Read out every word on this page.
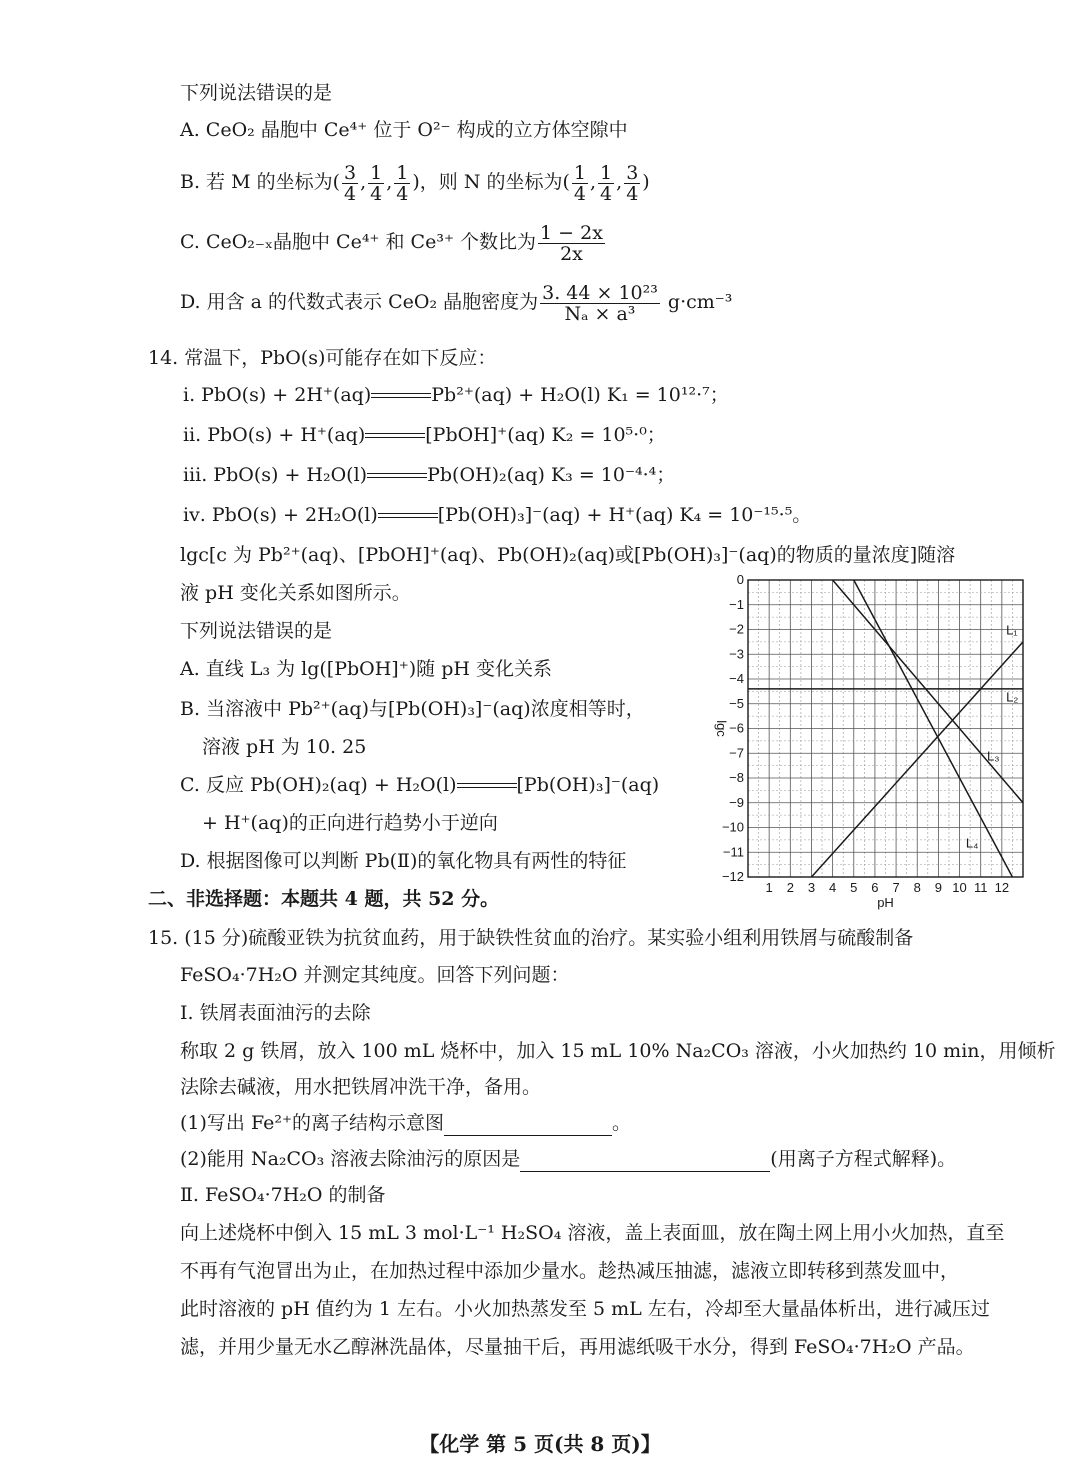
下列说法错误的是
A. CeO₂ 晶胞中 Ce⁴⁺ 位于 O²⁻ 构成的立方体空隙中
B. 若 M 的坐标为( $\frac{3}{4}$ , $\frac{1}{4}$ , $\frac{1}{4}$ )，则 N 的坐标为( $\frac{1}{4}$ , $\frac{1}{4}$ , $\frac{3}{4}$ )
C. CeO₂₋ₓ晶胞中 Ce⁴⁺ 和 Ce³⁺ 个数比为 $\frac{1 - 2x}{2x}$
D. 用含 a 的代数式表示 CeO₂ 晶胞密度为 $\frac{\text{3. 44 × 10²³}}{\text{Nₐ × a³}} g\cdot cm^{-3}$
14. 常温下，PbO(s)可能存在如下反应：
ⅰ. PbO(s) + 2H⁺(aq)	Pb²⁺(aq) + H₂O(l) K₁ = 10¹²·⁷；
ⅱ. PbO(s) + H⁺(aq)	[PbOH]⁺(aq) K₂ = 10⁵·⁰；
ⅲ. PbO(s) + H₂O(l)	Pb(OH)₂(aq) K₃ = 10⁻⁴·⁴；
ⅳ. PbO(s) + 2H₂O(l)	[Pb(OH)₃]⁻(aq) + H⁺(aq) K₄ = 10⁻¹⁵·⁵。
lgc[c 为 Pb²⁺(aq)、[PbOH]⁺(aq)、Pb(OH)₂(aq)或[Pb(OH)₃]⁻(aq)的物质的量浓度]随溶
液 pH 变化关系如图所示。
下列说法错误的是
A. 直线 L₃ 为 lg([PbOH]⁺)随 pH 变化关系
B. 当溶液中 Pb²⁺(aq)与[Pb(OH)₃]⁻(aq)浓度相等时，
溶液 pH 为 10. 25
C. 反应 Pb(OH)₂(aq) + H₂O(l)	[Pb(OH)₃]⁻(aq)
+ H⁺(aq)的正向进行趋势小于逆向
D. 根据图像可以判断 Pb(Ⅱ)的氧化物具有两性的特征
1 2 3 4 5 6 7 8 9 10 11 12
0
−1
−2
−3
−4
−5
−6
−7
−8
−9
−10
−11
−12
pH
lgc
L₁
L₂
L₃
L₄
二、非选择题：本题共 4 题，共 52 分。
15. (15 分)硫酸亚铁为抗贫血药，用于缺铁性贫血的治疗。某实验小组利用铁屑与硫酸制备
FeSO₄·7H₂O 并测定其纯度。回答下列问题：
Ⅰ. 铁屑表面油污的去除
称取 2 g 铁屑，放入 100 mL 烧杯中，加入 15 mL 10% Na₂CO₃ 溶液，小火加热约 10 min，用倾析
法除去碱液，用水把铁屑冲洗干净，备用。
(1)写出 Fe²⁺的离子结构示意图	。
(2)能用 Na₂CO₃ 溶液去除油污的原因是	(用离子方程式解释)。
Ⅱ. FeSO₄·7H₂O 的制备
向上述烧杯中倒入 15 mL 3 mol·L⁻¹ H₂SO₄ 溶液，盖上表面皿，放在陶土网上用小火加热，直至
不再有气泡冒出为止，在加热过程中添加少量水。趁热减压抽滤，滤液立即转移到蒸发皿中，
此时溶液的 pH 值约为 1 左右。小火加热蒸发至 5 mL 左右，冷却至大量晶体析出，进行减压过
滤，并用少量无水乙醇淋洗晶体，尽量抽干后，再用滤纸吸干水分，得到 FeSO₄·7H₂O 产品。
【化学 第 5 页(共 8 页)】
